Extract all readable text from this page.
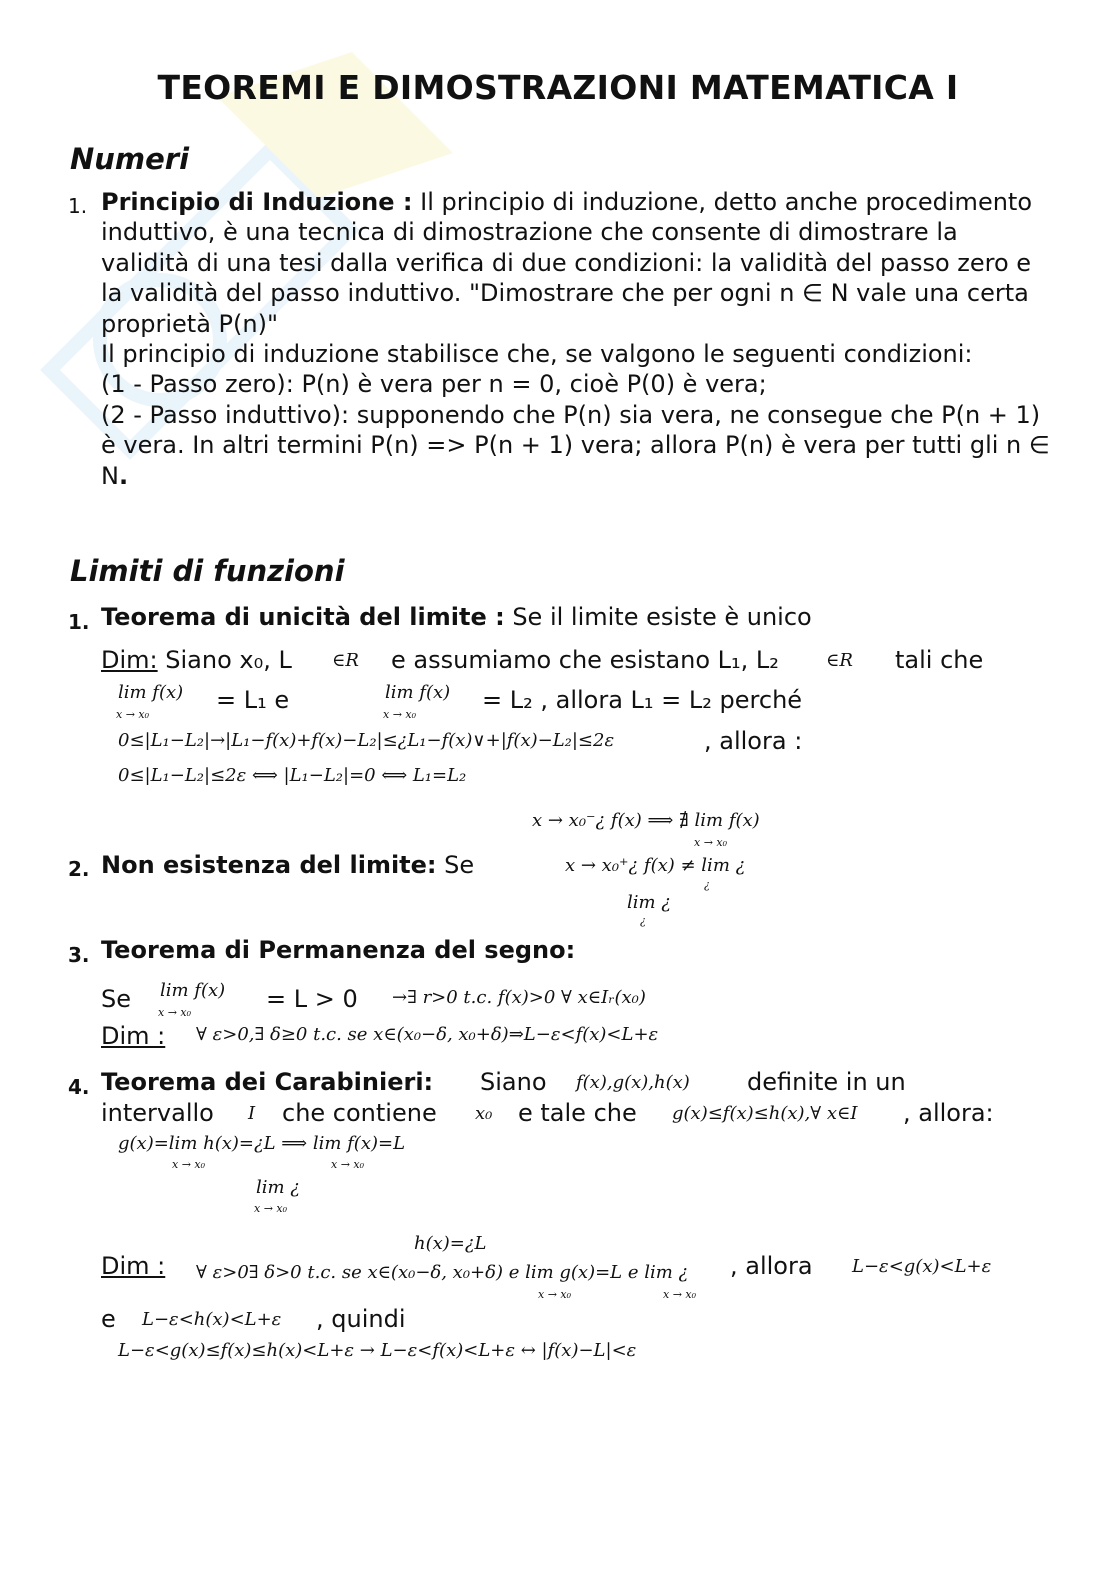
TEOREMI E DIMOSTRAZIONI MATEMATICA I
Numeri
1. Principio di Induzione : Il principio di induzione, detto anche procedimento induttivo, è una tecnica di dimostrazione che consente di dimostrare la validità di una tesi dalla verifica di due condizioni: la validità del passo zero e la validità del passo induttivo. "Dimostrare che per ogni n ∈ N vale una certa proprietà P(n)"
Il principio di induzione stabilisce che, se valgono le seguenti condizioni:
(1 - Passo zero): P(n) è vera per n = 0, cioè P(0) è vera;
(2 - Passo induttivo): supponendo che P(n) sia vera, ne consegue che P(n + 1) è vera. In altri termini P(n) => P(n + 1) vera; allora P(n) è vera per tutti gli n ∈ N.
Limiti di funzioni
1. Teorema di unicità del limite : Se il limite esiste è unico
Dim: Siano x₀, L ∈R e assumiamo che esistano L₁, L₂	∈R tali che
lim f(x)
x → x₀
= L₁ e	lim f(x)
x → x₀
= L₂ , allora L₁ = L₂ perché
0≤|L₁−L₂|→|L₁−f(x)+f(x)−L₂|≤¿L₁−f(x)∨+|f(x)−L₂|≤2ε	, allora :
0≤|L₁−L₂|≤2ε ⟺ |L₁−L₂|=0 ⟺ L₁=L₂
x → x₀⁻¿ f(x) ⟹ ∄ lim f(x)
x → x₀
2. Non esistenza del limite: Se	x → x₀⁺¿ f(x) ≠ lim ¿
¿
lim ¿
¿
3. Teorema di Permanenza del segno:
Se lim f(x)
x → x₀	= L > 0 →∃ r>0 t.c. f(x)>0 ∀ x∈Iᵣ(x₀)
Dim : ∀ ε>0,∃ δ≥0 t.c. se x∈(x₀−δ, x₀+δ)⇒L−ε<f(x)<L+ε
4. Teorema dei Carabinieri: Siano f(x),g(x),h(x) definite in un
intervallo I che contiene x₀ e tale che g(x)≤f(x)≤h(x),∀ x∈I , allora:
g(x)=lim h(x)=¿L ⟹ lim f(x)=L
x → x₀	x → x₀
lim ¿
x → x₀
h(x)=¿L
Dim : ∀ ε>0∃ δ>0 t.c. se x∈(x₀−δ, x₀+δ) e lim g(x)=L e lim ¿
x → x₀	x → x₀
, allora L−ε<g(x)<L+ε
e L−ε<h(x)<L+ε , quindi
L−ε<g(x)≤f(x)≤h(x)<L+ε → L−ε<f(x)<L+ε ↔ |f(x)−L|<ε
